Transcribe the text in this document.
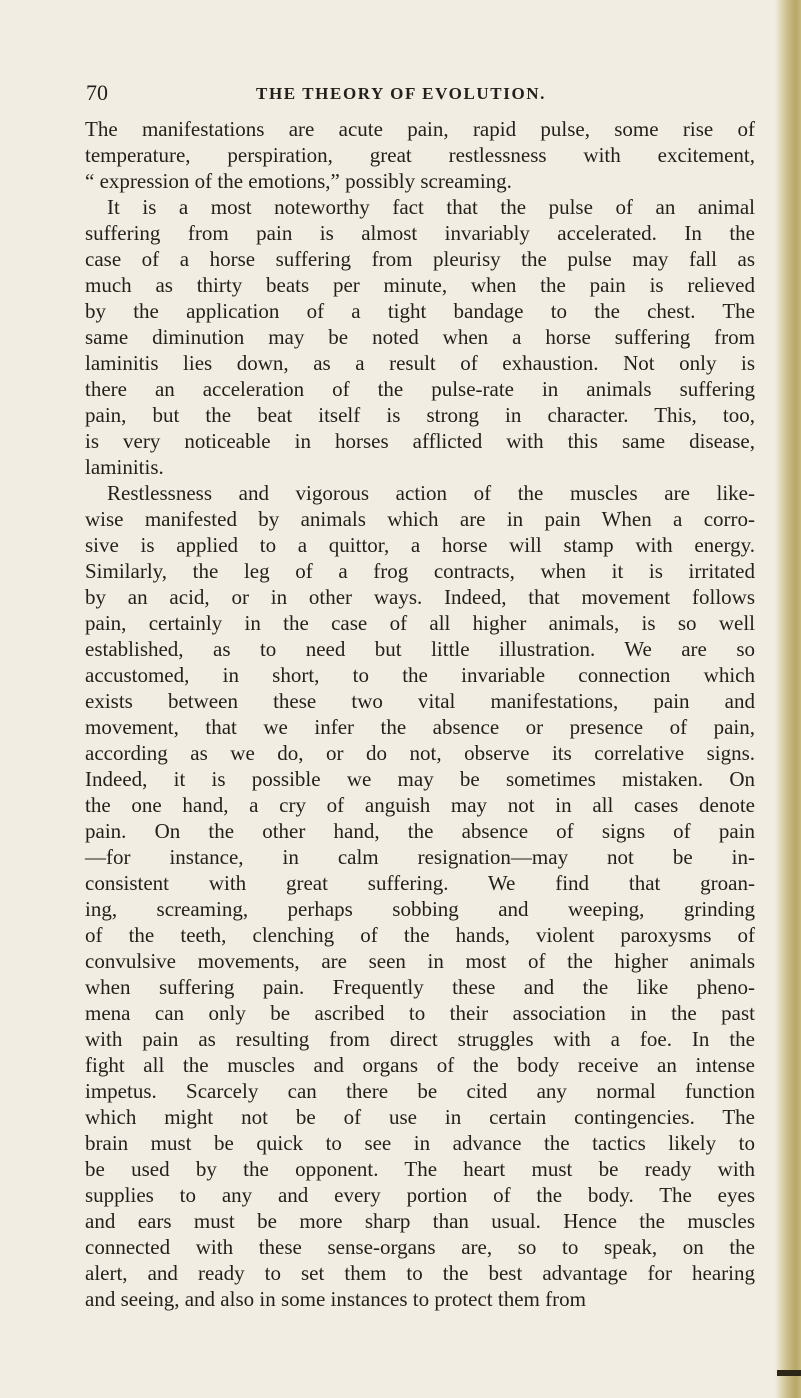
70	THE THEORY OF EVOLUTION.
The manifestations are acute pain, rapid pulse, some rise of
temperature, perspiration, great restlessness with excitement,
“ expression of the emotions,” possibly screaming.
It is a most noteworthy fact that the pulse of an animal
suffering from pain is almost invariably accelerated. In the
case of a horse suffering from pleurisy the pulse may fall as
much as thirty beats per minute, when the pain is relieved
by the application of a tight bandage to the chest. The
same diminution may be noted when a horse suffering from
laminitis lies down, as a result of exhaustion. Not only is
there an acceleration of the pulse-rate in animals suffering
pain, but the beat itself is strong in character. This, too,
is very noticeable in horses afflicted with this same disease,
laminitis.
Restlessness and vigorous action of the muscles are like-
wise manifested by animals which are in pain When a corro-
sive is applied to a quittor, a horse will stamp with energy.
Similarly, the leg of a frog contracts, when it is irritated
by an acid, or in other ways. Indeed, that movement follows
pain, certainly in the case of all higher animals, is so well
established, as to need but little illustration. We are so
accustomed, in short, to the invariable connection which
exists between these two vital manifestations, pain and
movement, that we infer the absence or presence of pain,
according as we do, or do not, observe its correlative signs.
Indeed, it is possible we may be sometimes mistaken. On
the one hand, a cry of anguish may not in all cases denote
pain. On the other hand, the absence of signs of pain
—for instance, in calm resignation—may not be in-
consistent with great suffering. We find that groan-
ing, screaming, perhaps sobbing and weeping, grinding
of the teeth, clenching of the hands, violent paroxysms of
convulsive movements, are seen in most of the higher animals
when suffering pain. Frequently these and the like pheno-
mena can only be ascribed to their association in the past
with pain as resulting from direct struggles with a foe. In the
fight all the muscles and organs of the body receive an intense
impetus. Scarcely can there be cited any normal function
which might not be of use in certain contingencies. The
brain must be quick to see in advance the tactics likely to
be used by the opponent. The heart must be ready with
supplies to any and every portion of the body. The eyes
and ears must be more sharp than usual. Hence the muscles
connected with these sense-organs are, so to speak, on the
alert, and ready to set them to the best advantage for hearing
and seeing, and also in some instances to protect them from
